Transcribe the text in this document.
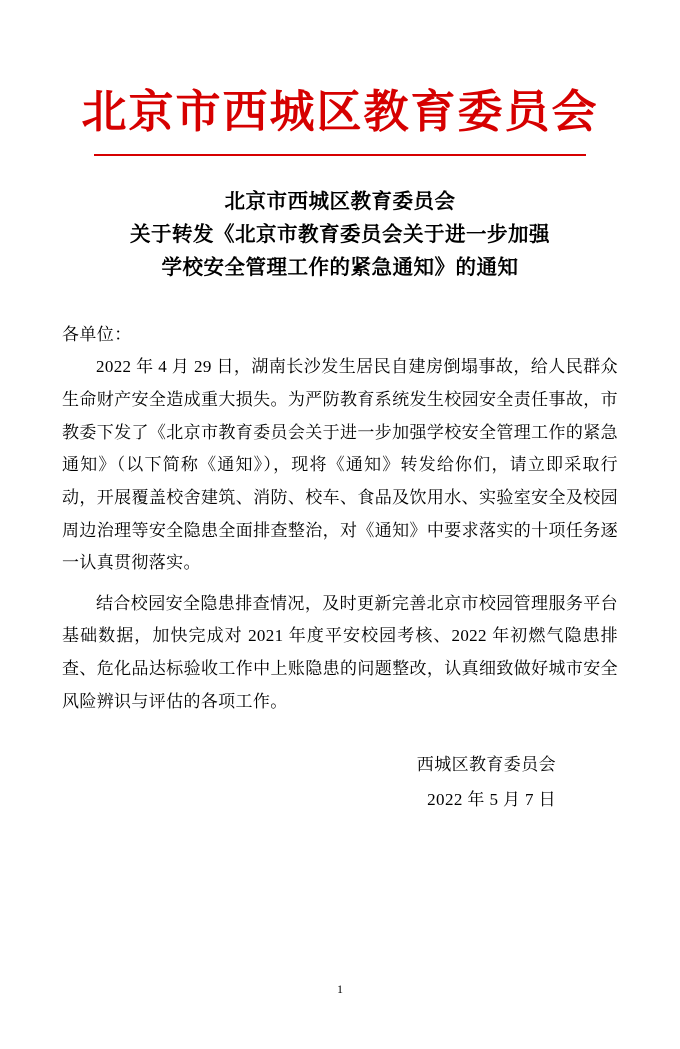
北京市西城区教育委员会
北京市西城区教育委员会
关于转发《北京市教育委员会关于进一步加强
学校安全管理工作的紧急通知》的通知
各单位：

2022 年 4 月 29 日，湖南长沙发生居民自建房倒塌事故，给人民群众生命财产安全造成重大损失。为严防教育系统发生校园安全责任事故，市教委下发了《北京市教育委员会关于进一步加强学校安全管理工作的紧急通知》（以下简称《通知》），现将《通知》转发给你们，请立即采取行动，开展覆盖校舍建筑、消防、校车、食品及饮用水、实验室安全及校园周边治理等安全隐患全面排查整治，对《通知》中要求落实的十项任务逐一认真贯彻落实。

结合校园安全隐患排查情况，及时更新完善北京市校园管理服务平台基础数据，加快完成对 2021 年度平安校园考核、2022 年初燃气隐患排查、危化品达标验收工作中上账隐患的问题整改，认真细致做好城市安全风险辨识与评估的各项工作。

西城区教育委员会
2022 年 5 月 7 日
1
